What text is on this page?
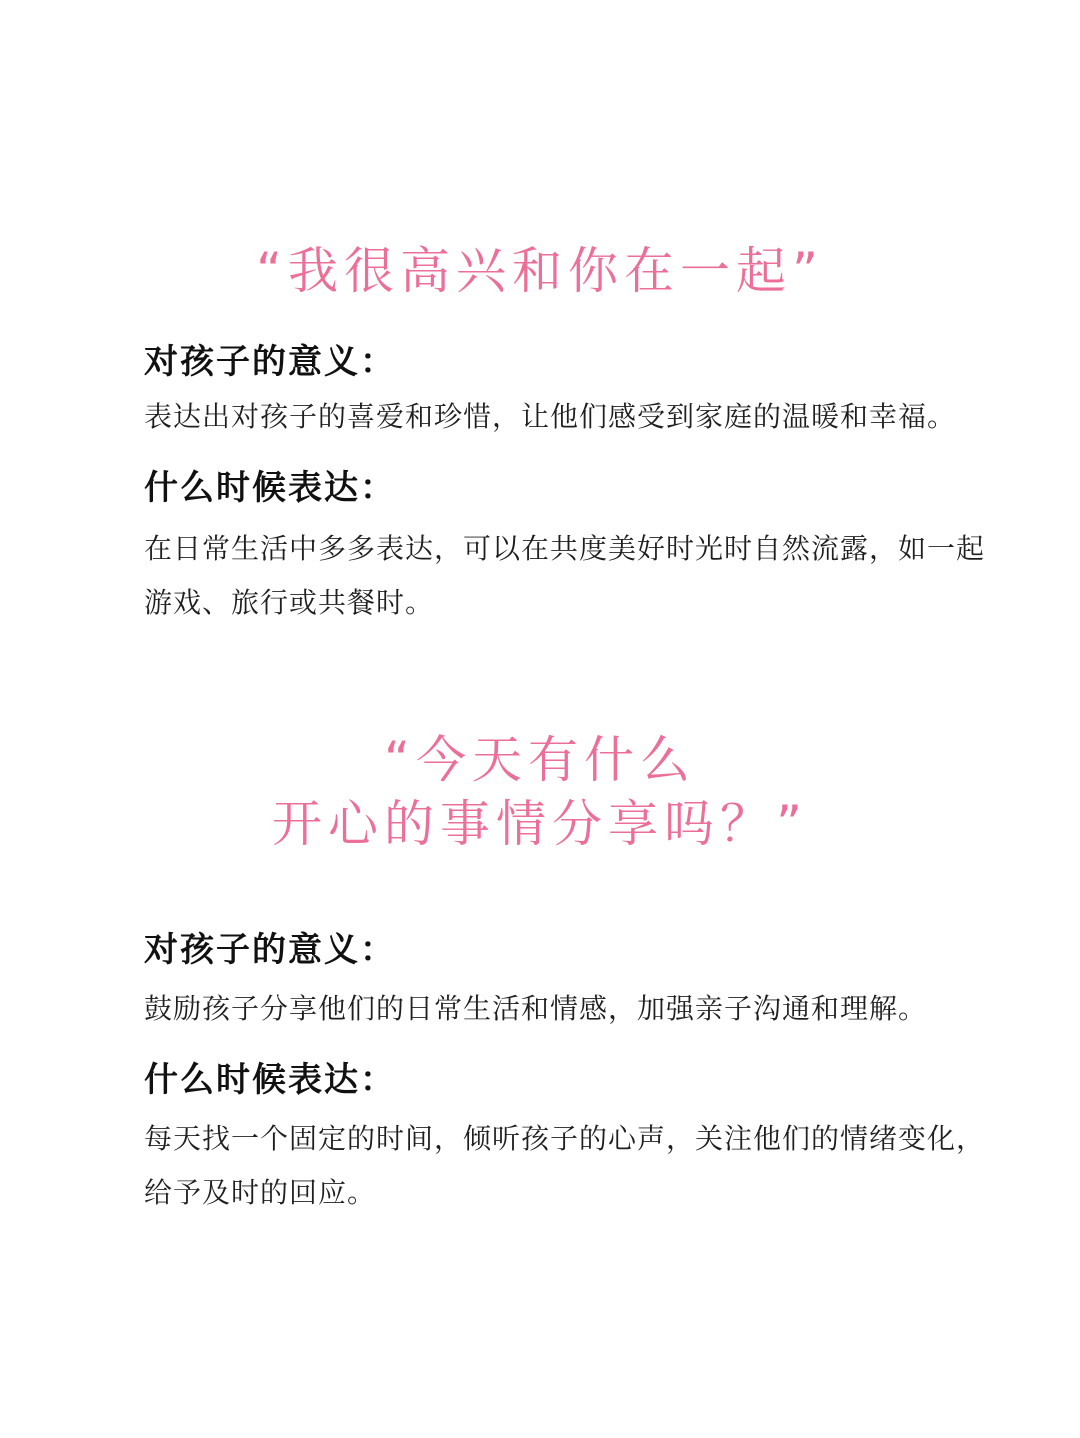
“我很高兴和你在一起”
对孩子的意义：
表达出对孩子的喜爱和珍惜，让他们感受到家庭的温暖和幸福。
什么时候表达：
在日常生活中多多表达，可以在共度美好时光时自然流露，如一起游戏、旅行或共餐时。
“今天有什么
开心的事情分享吗？”
对孩子的意义：
鼓励孩子分享他们的日常生活和情感，加强亲子沟通和理解。
什么时候表达：
每天找一个固定的时间，倾听孩子的心声，关注他们的情绪变化，给予及时的回应。
